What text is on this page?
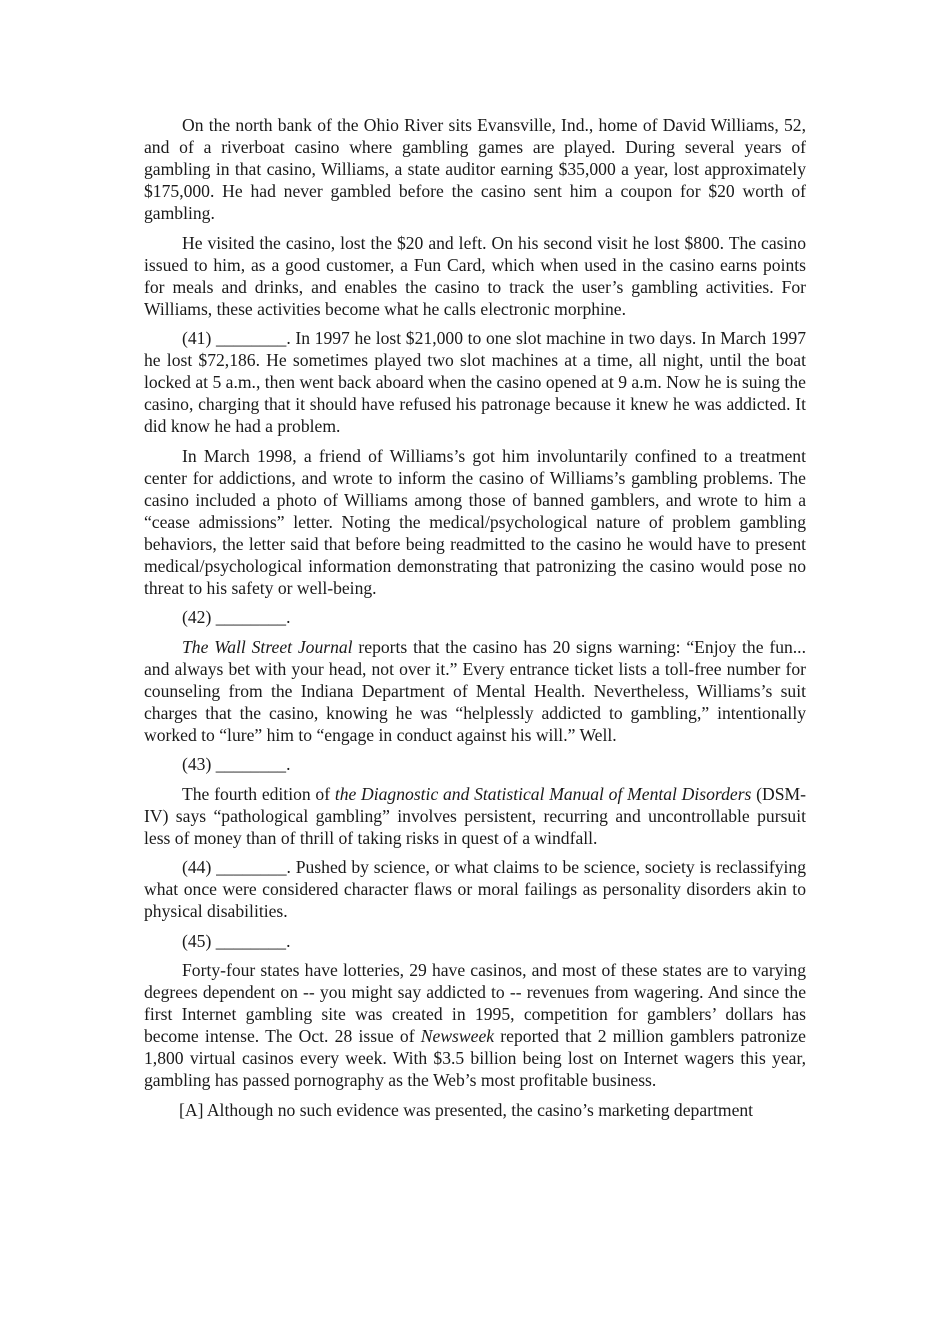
On the north bank of the Ohio River sits Evansville, Ind., home of David Williams, 52, and of a riverboat casino where gambling games are played. During several years of gambling in that casino, Williams, a state auditor earning $35,000 a year, lost approximately $175,000. He had never gambled before the casino sent him a coupon for $20 worth of gambling.

He visited the casino, lost the $20 and left. On his second visit he lost $800. The casino issued to him, as a good customer, a Fun Card, which when used in the casino earns points for meals and drinks, and enables the casino to track the user’s gambling activities. For Williams, these activities become what he calls electronic morphine.

(41) ________. In 1997 he lost $21,000 to one slot machine in two days. In March 1997 he lost $72,186. He sometimes played two slot machines at a time, all night, until the boat locked at 5 a.m., then went back aboard when the casino opened at 9 a.m. Now he is suing the casino, charging that it should have refused his patronage because it knew he was addicted. It did know he had a problem.

In March 1998, a friend of Williams’s got him involuntarily confined to a treatment center for addictions, and wrote to inform the casino of Williams’s gambling problems. The casino included a photo of Williams among those of banned gamblers, and wrote to him a “cease admissions” letter. Noting the medical/psychological nature of problem gambling behaviors, the letter said that before being readmitted to the casino he would have to present medical/psychological information demonstrating that patronizing the casino would pose no threat to his safety or well-being.

(42) ________.

The Wall Street Journal reports that the casino has 20 signs warning: “Enjoy the fun... and always bet with your head, not over it.” Every entrance ticket lists a toll-free number for counseling from the Indiana Department of Mental Health. Nevertheless, Williams’s suit charges that the casino, knowing he was “helplessly addicted to gambling,” intentionally worked to “lure” him to “engage in conduct against his will.” Well.

(43) ________.

The fourth edition of the Diagnostic and Statistical Manual of Mental Disorders (DSM-IV) says “pathological gambling” involves persistent, recurring and uncontrollable pursuit less of money than of thrill of taking risks in quest of a windfall.

(44) ________. Pushed by science, or what claims to be science, society is reclassifying what once were considered character flaws or moral failings as personality disorders akin to physical disabilities.

(45) ________.

Forty-four states have lotteries, 29 have casinos, and most of these states are to varying degrees dependent on -- you might say addicted to -- revenues from wagering. And since the first Internet gambling site was created in 1995, competition for gamblers’ dollars has become intense. The Oct. 28 issue of Newsweek reported that 2 million gamblers patronize 1,800 virtual casinos every week. With $3.5 billion being lost on Internet wagers this year, gambling has passed pornography as the Web’s most profitable business.

[A] Although no such evidence was presented, the casino’s marketing department
